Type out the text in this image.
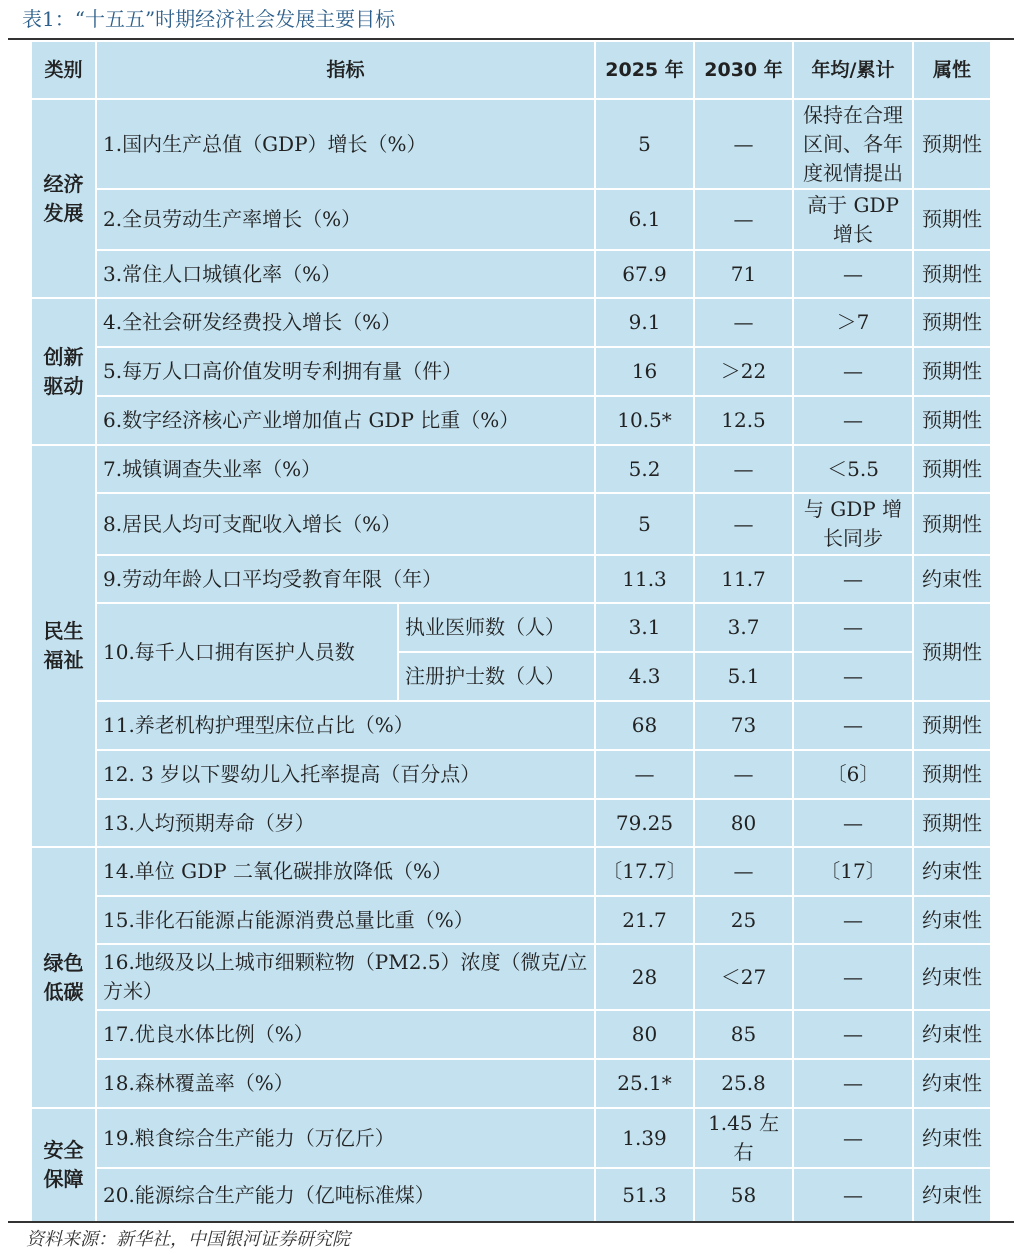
表1：“十五五”时期经济社会发展主要目标
类别	指标		2025 年	2030 年	年均/累计	属性
经济
发展	1.国内生产总值（GDP）增长（%）		5	—	保持在合理区间、各年度视情提出	预期性
	2.全员劳动生产率增长（%）		6.1	—	高于 GDP 增长	预期性
	3.常住人口城镇化率（%）		67.9	71	—	预期性
创新
驱动	4.全社会研发经费投入增长（%）		9.1	—	＞7	预期性
	5.每万人口高价值发明专利拥有量（件）		16	＞22	—	预期性
	6.数字经济核心产业增加值占 GDP 比重（%）		10.5*	12.5	—	预期性
民生
福祉	7.城镇调查失业率（%）		5.2	—	＜5.5	预期性
	8.居民人均可支配收入增长（%）		5	—	与 GDP 增长同步	预期性
	9.劳动年龄人口平均受教育年限（年）		11.3	11.7	—	约束性
	10.每千人口拥有医护人员数	执业医师数（人）	3.1	3.7	—	预期性
		注册护士数（人）	4.3	5.1	—	
	11.养老机构护理型床位占比（%）		68	73	—	预期性
	12. 3 岁以下婴幼儿入托率提高（百分点）		—	—	〔6〕	预期性
	13.人均预期寿命（岁）		79.25	80	—	预期性
绿色
低碳	14.单位 GDP 二氧化碳排放降低（%）		〔17.7〕	—	〔17〕	约束性
	15.非化石能源占能源消费总量比重（%）		21.7	25	—	约束性
	16.地级及以上城市细颗粒物（PM2.5）浓度（微克/立方米）		28	＜27	—	约束性
	17.优良水体比例（%）		80	85	—	约束性
	18.森林覆盖率（%）		25.1*	25.8	—	约束性
安全
保障	19.粮食综合生产能力（万亿斤）		1.39	1.45 左右	—	约束性
	20.能源综合生产能力（亿吨标准煤）		51.3	58	—	约束性
资料来源：新华社，中国银河证券研究院
